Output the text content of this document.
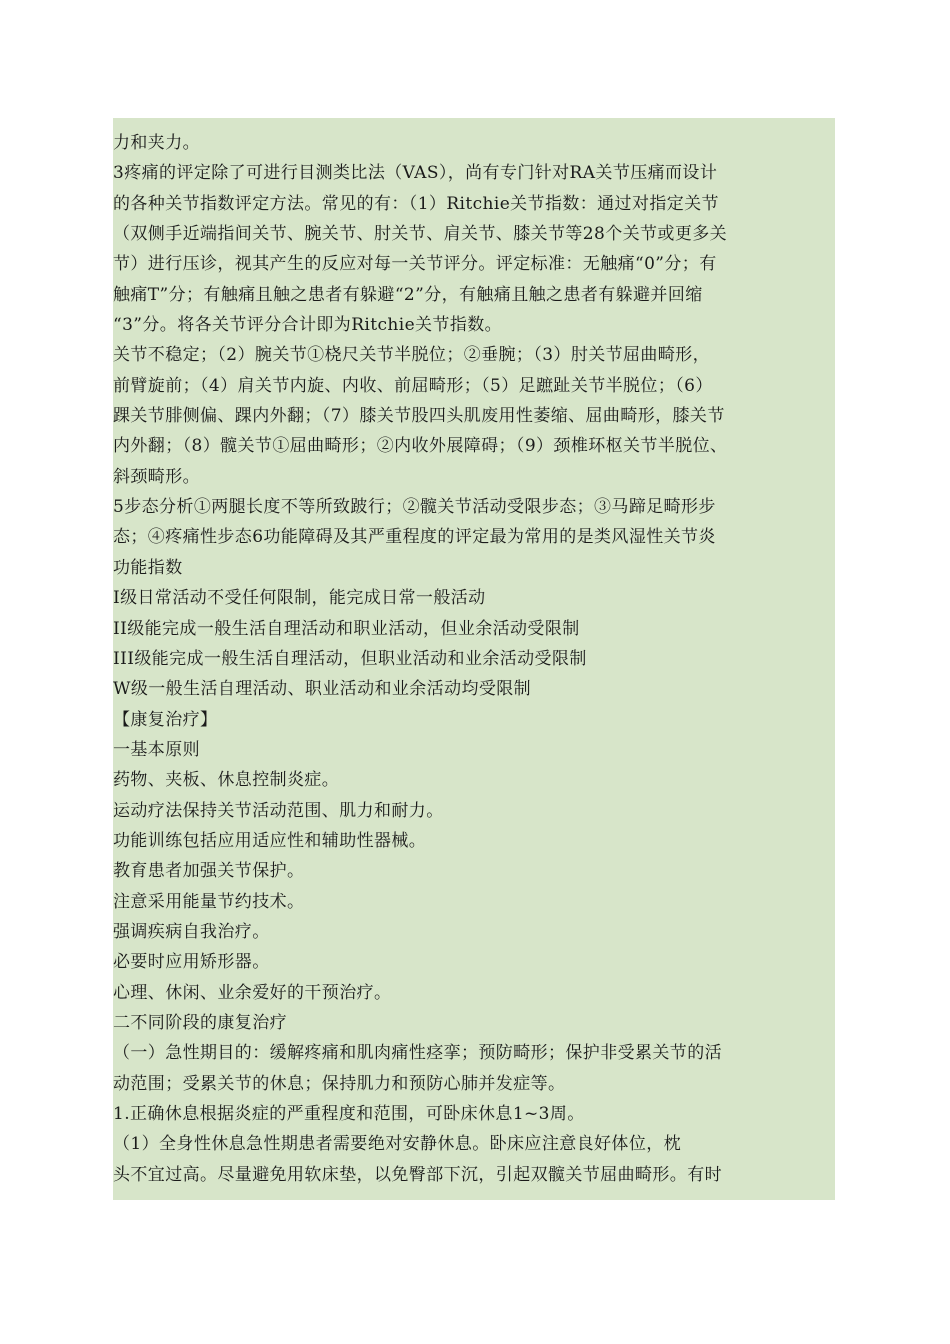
力和夹力。
3疼痛的评定除了可进行目测类比法（VAS），尚有专门针对RA关节压痛而设计
的各种关节指数评定方法。常见的有：（1）Ritchie关节指数：通过对指定关节
（双侧手近端指间关节、腕关节、肘关节、肩关节、膝关节等28个关节或更多关
节）进行压诊，视其产生的反应对每一关节评分。评定标准：无触痛“0”分；有
触痛T”分；有触痛且触之患者有躲避“2”分，有触痛且触之患者有躲避并回缩
“3”分。将各关节评分合计即为Ritchie关节指数。
关节不稳定；（2）腕关节①桡尺关节半脱位；②垂腕；（3）肘关节屈曲畸形，
前臂旋前；（4）肩关节内旋、内收、前屈畸形；（5）足蹠趾关节半脱位；（6）
踝关节腓侧偏、踝内外翻；（7）膝关节股四头肌废用性萎缩、屈曲畸形，膝关节
内外翻；（8）髋关节①屈曲畸形；②内收外展障碍；（9）颈椎环枢关节半脱位、
斜颈畸形。
5步态分析①两腿长度不等所致跛行；②髋关节活动受限步态；③马蹄足畸形步
态；④疼痛性步态6功能障碍及其严重程度的评定最为常用的是类风湿性关节炎
功能指数
Ⅰ级日常活动不受任何限制，能完成日常一般活动
II级能完成一般生活自理活动和职业活动，但业余活动受限制
III级能完成一般生活自理活动，但职业活动和业余活动受限制
W级一般生活自理活动、职业活动和业余活动均受限制
【康复治疗】
一基本原则
药物、夹板、休息控制炎症。
运动疗法保持关节活动范围、肌力和耐力。
功能训练包括应用适应性和辅助性器械。
教育患者加强关节保护。
注意采用能量节约技术。
强调疾病自我治疗。
必要时应用矫形器。
心理、休闲、业余爱好的干预治疗。
二不同阶段的康复治疗
（一）急性期目的：缓解疼痛和肌肉痛性痉挛；预防畸形；保护非受累关节的活
动范围；受累关节的休息；保持肌力和预防心肺并发症等。
1.正确休息根据炎症的严重程度和范围，可卧床休息1~3周。
（1）全身性休息急性期患者需要绝对安静休息。卧床应注意良好体位，枕
头不宜过高。尽量避免用软床垫，以免臀部下沉，引起双髋关节屈曲畸形。有时
